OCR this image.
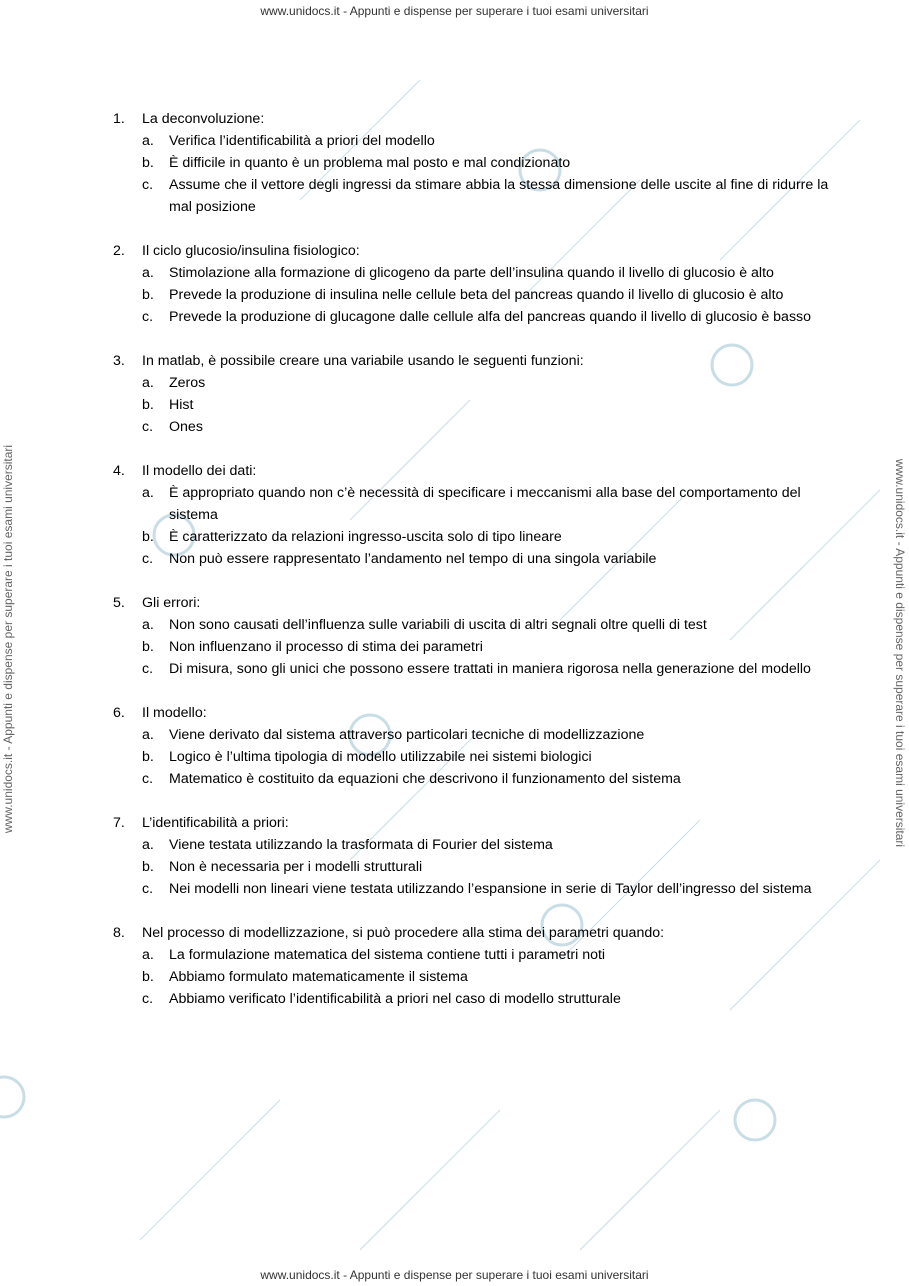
www.unidocs.it - Appunti e dispense per superare i tuoi esami universitari
www.unidocs.it - Appunti e dispense per superare i tuoi esami universitari
www.unidocs.it - Appunti e dispense per superare i tuoi esami universitari	www.unidocs.it - Appunti e dispense per superare i tuoi esami universitari
1. La deconvoluzione:
a. Verifica l’identificabilità a priori del modello
b. È difficile in quanto è un problema mal posto e mal condizionato
c. Assume che il vettore degli ingressi da stimare abbia la stessa dimensione delle uscite al fine di ridurre la mal posizione
2. Il ciclo glucosio/insulina fisiologico:
a. Stimolazione alla formazione di glicogeno da parte dell’insulina quando il livello di glucosio è alto
b. Prevede la produzione di insulina nelle cellule beta del pancreas quando il livello di glucosio è alto
c. Prevede la produzione di glucagone dalle cellule alfa del pancreas quando il livello di glucosio è basso
3. In matlab, è possibile creare una variabile usando le seguenti funzioni:
a. Zeros
b. Hist
c. Ones
4. Il modello dei dati:
a. È appropriato quando non c’è necessità di specificare i meccanismi alla base del comportamento del sistema
b. È caratterizzato da relazioni ingresso-uscita solo di tipo lineare
c. Non può essere rappresentato l’andamento nel tempo di una singola variabile
5. Gli errori:
a. Non sono causati dell’influenza sulle variabili di uscita di altri segnali oltre quelli di test
b. Non influenzano il processo di stima dei parametri
c. Di misura, sono gli unici che possono essere trattati in maniera rigorosa nella generazione del modello
6. Il modello:
a. Viene derivato dal sistema attraverso particolari tecniche di modellizzazione
b. Logico è l’ultima tipologia di modello utilizzabile nei sistemi biologici
c. Matematico è costituito da equazioni che descrivono il funzionamento del sistema
7. L’identificabilità a priori:
a. Viene testata utilizzando la trasformata di Fourier del sistema
b. Non è necessaria per i modelli strutturali
c. Nei modelli non lineari viene testata utilizzando l’espansione in serie di Taylor dell’ingresso del sistema
8. Nel processo di modellizzazione, si può procedere alla stima dei parametri quando:
a. La formulazione matematica del sistema contiene tutti i parametri noti
b. Abbiamo formulato matematicamente il sistema
c. Abbiamo verificato l’identificabilità a priori nel caso di modello strutturale
